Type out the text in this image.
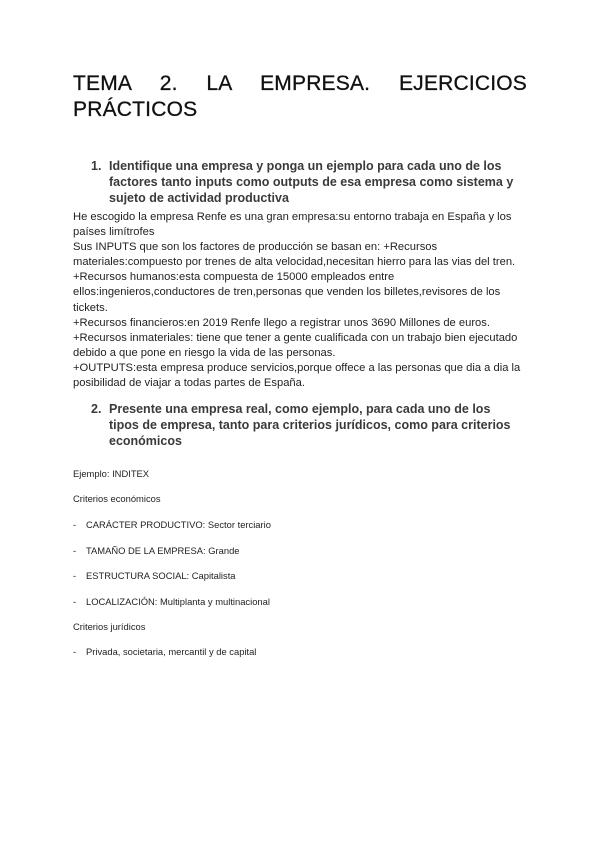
TEMA 2. LA EMPRESA. EJERCICIOS PRÁCTICOS
1. Identifique una empresa y ponga un ejemplo para cada uno de los factores tanto inputs como outputs de esa empresa como sistema y sujeto de actividad productiva

He escogido la empresa Renfe es una gran empresa:su entorno trabaja en España y los países limítrofes

Sus INPUTS que son los factores de producción se basan en: +Recursos materiales:compuesto por trenes de alta velocidad,necesitan hierro para las vias del tren.

+Recursos humanos:esta compuesta de 15000 empleados entre ellos:ingenieros,conductores de tren,personas que venden los billetes,revisores de los tickets.

+Recursos financieros:en 2019 Renfe llego a registrar unos 3690 Millones de euros.

+Recursos inmateriales: tiene que tener a gente cualificada con un trabajo bien ejecutado debido a que pone en riesgo la vida de las personas.

+OUTPUTS:esta empresa produce servicios,porque offece a las personas que dia a dia la posibilidad de viajar a todas partes de España.

2. Presente una empresa real, como ejemplo, para cada uno de los tipos de empresa, tanto para criterios jurídicos, como para criterios económicos
Ejemplo: INDITEX
Criterios económicos
- CARÁCTER PRODUCTIVO: Sector terciario
- TAMAÑO DE LA EMPRESA: Grande
- ESTRUCTURA SOCIAL: Capitalista
- LOCALIZACIÓN: Multiplanta y multinacional
Criterios jurídicos
- Privada, societaria, mercantil y de capital
